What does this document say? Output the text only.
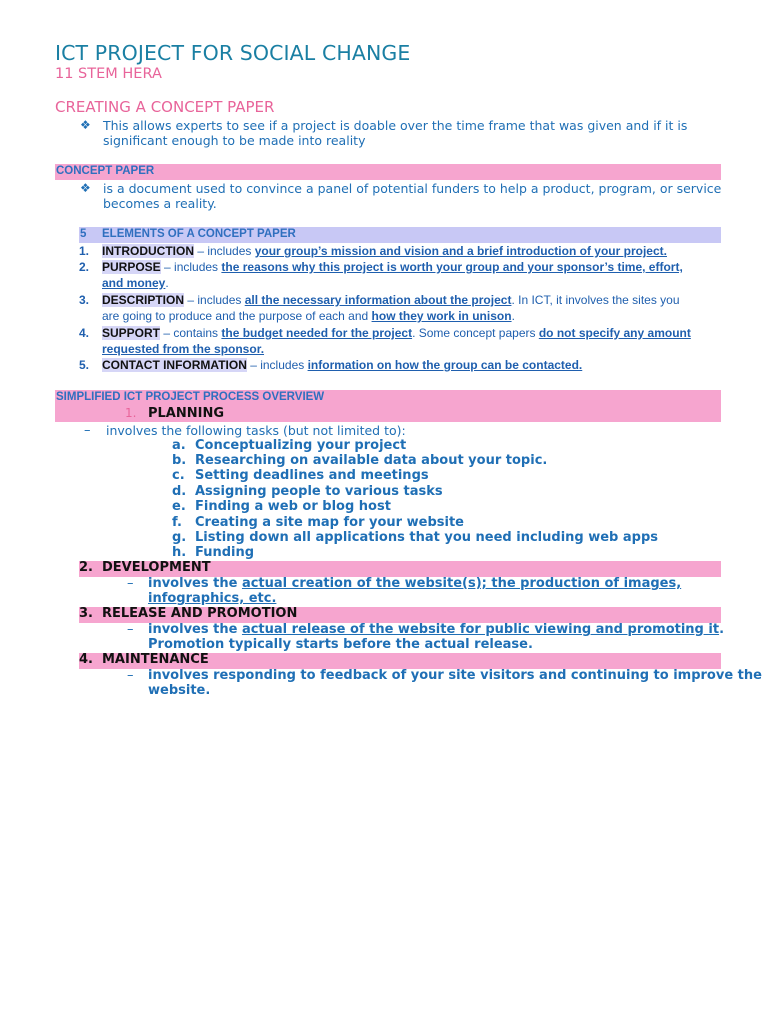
ICT PROJECT FOR SOCIAL CHANGE
11 STEM HERA
CREATING A CONCEPT PAPER
❖ This allows experts to see if a project is doable over the time frame that was given and if it is
significant enough to be made into reality
CONCEPT PAPER
❖ is a document used to convince a panel of potential funders to help a product, program, or service
becomes a reality.
5 ELEMENTS OF A CONCEPT PAPER
1. INTRODUCTION – includes your group’s mission and vision and a brief introduction of your project.
2. PURPOSE – includes the reasons why this project is worth your group and your sponsor’s time, effort,
and money.
3. DESCRIPTION – includes all the necessary information about the project. In ICT, it involves the sites you
are going to produce and the purpose of each and how they work in unison.
4. SUPPORT – contains the budget needed for the project. Some concept papers do not specify any amount
requested from the sponsor.
5. CONTACT INFORMATION – includes information on how the group can be contacted.
SIMPLIFIED ICT PROJECT PROCESS OVERVIEW
1. PLANNING
– involves the following tasks (but not limited to):
a. Conceptualizing your project
b. Researching on available data about your topic.
c. Setting deadlines and meetings
d. Assigning people to various tasks
e. Finding a web or blog host
f. Creating a site map for your website
g. Listing down all applications that you need including web apps
h. Funding
2. DEVELOPMENT
– involves the actual creation of the website(s); the production of images,
infographics, etc.
3. RELEASE AND PROMOTION
– involves the actual release of the website for public viewing and promoting it.
Promotion typically starts before the actual release.
4. MAINTENANCE
– involves responding to feedback of your site visitors and continuing to improve the
website.
